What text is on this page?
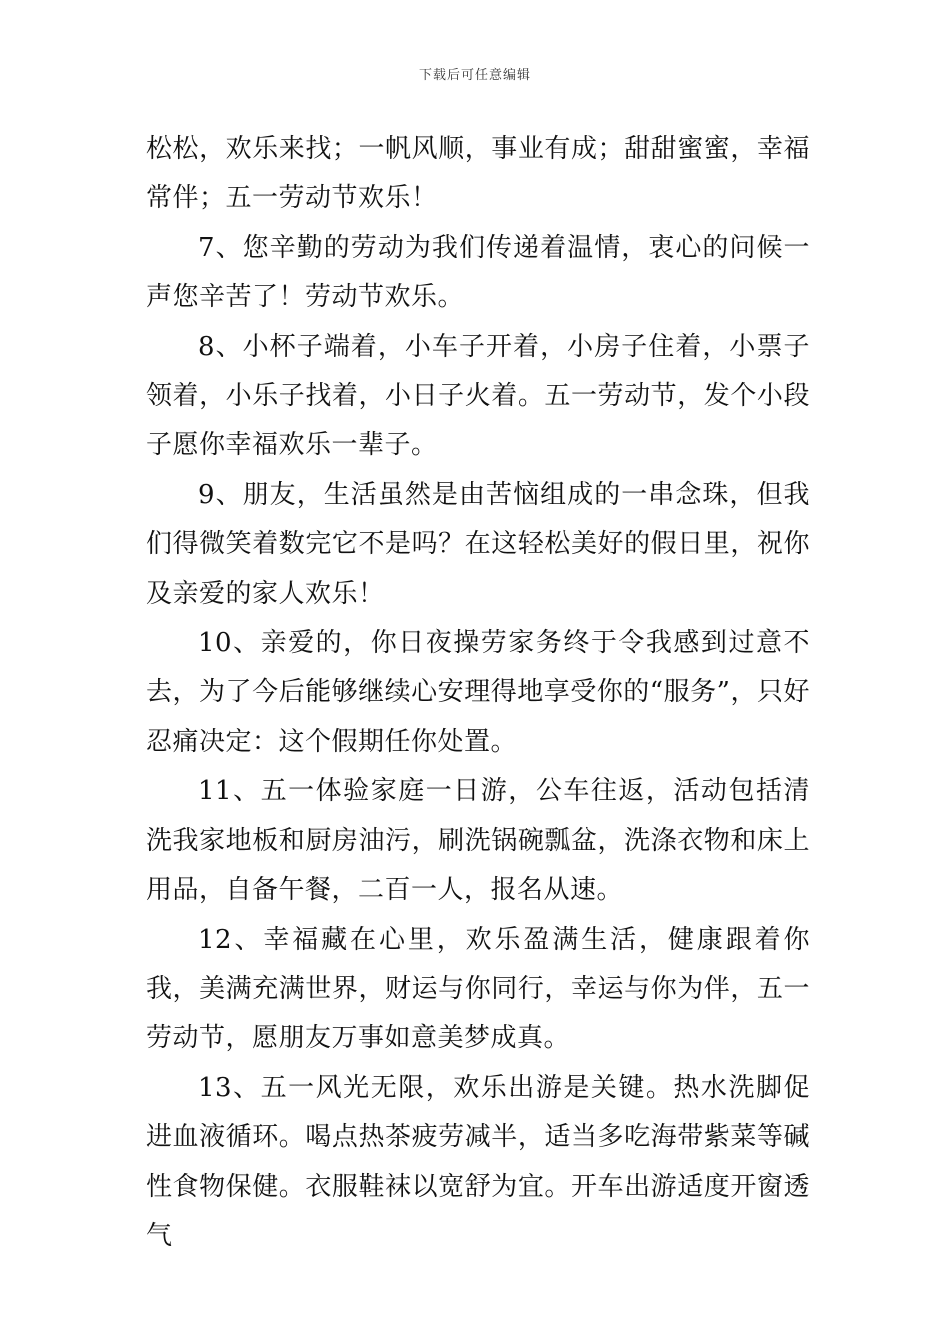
下载后可任意编辑

松松，欢乐来找；一帆风顺，事业有成；甜甜蜜蜜，幸福常伴；五一劳动节欢乐！

7、您辛勤的劳动为我们传递着温情，衷心的问候一声您辛苦了！劳动节欢乐。

8、小杯子端着，小车子开着，小房子住着，小票子领着，小乐子找着，小日子火着。五一劳动节，发个小段子愿你幸福欢乐一辈子。

9、朋友，生活虽然是由苦恼组成的一串念珠，但我们得微笑着数完它不是吗？在这轻松美好的假日里，祝你及亲爱的家人欢乐！

10、亲爱的，你日夜操劳家务终于令我感到过意不去，为了今后能够继续心安理得地享受你的“服务”，只好忍痛决定：这个假期任你处置。

11、五一体验家庭一日游，公车往返，活动包括清洗我家地板和厨房油污，刷洗锅碗瓢盆，洗涤衣物和床上用品，自备午餐，二百一人，报名从速。

12、幸福藏在心里，欢乐盈满生活，健康跟着你我，美满充满世界，财运与你同行，幸运与你为伴，五一劳动节，愿朋友万事如意美梦成真。

13、五一风光无限，欢乐出游是关键。热水洗脚促进血液循环。喝点热茶疲劳减半，适当多吃海带紫菜等碱性食物保健。衣服鞋袜以宽舒为宜。开车出游适度开窗透气
